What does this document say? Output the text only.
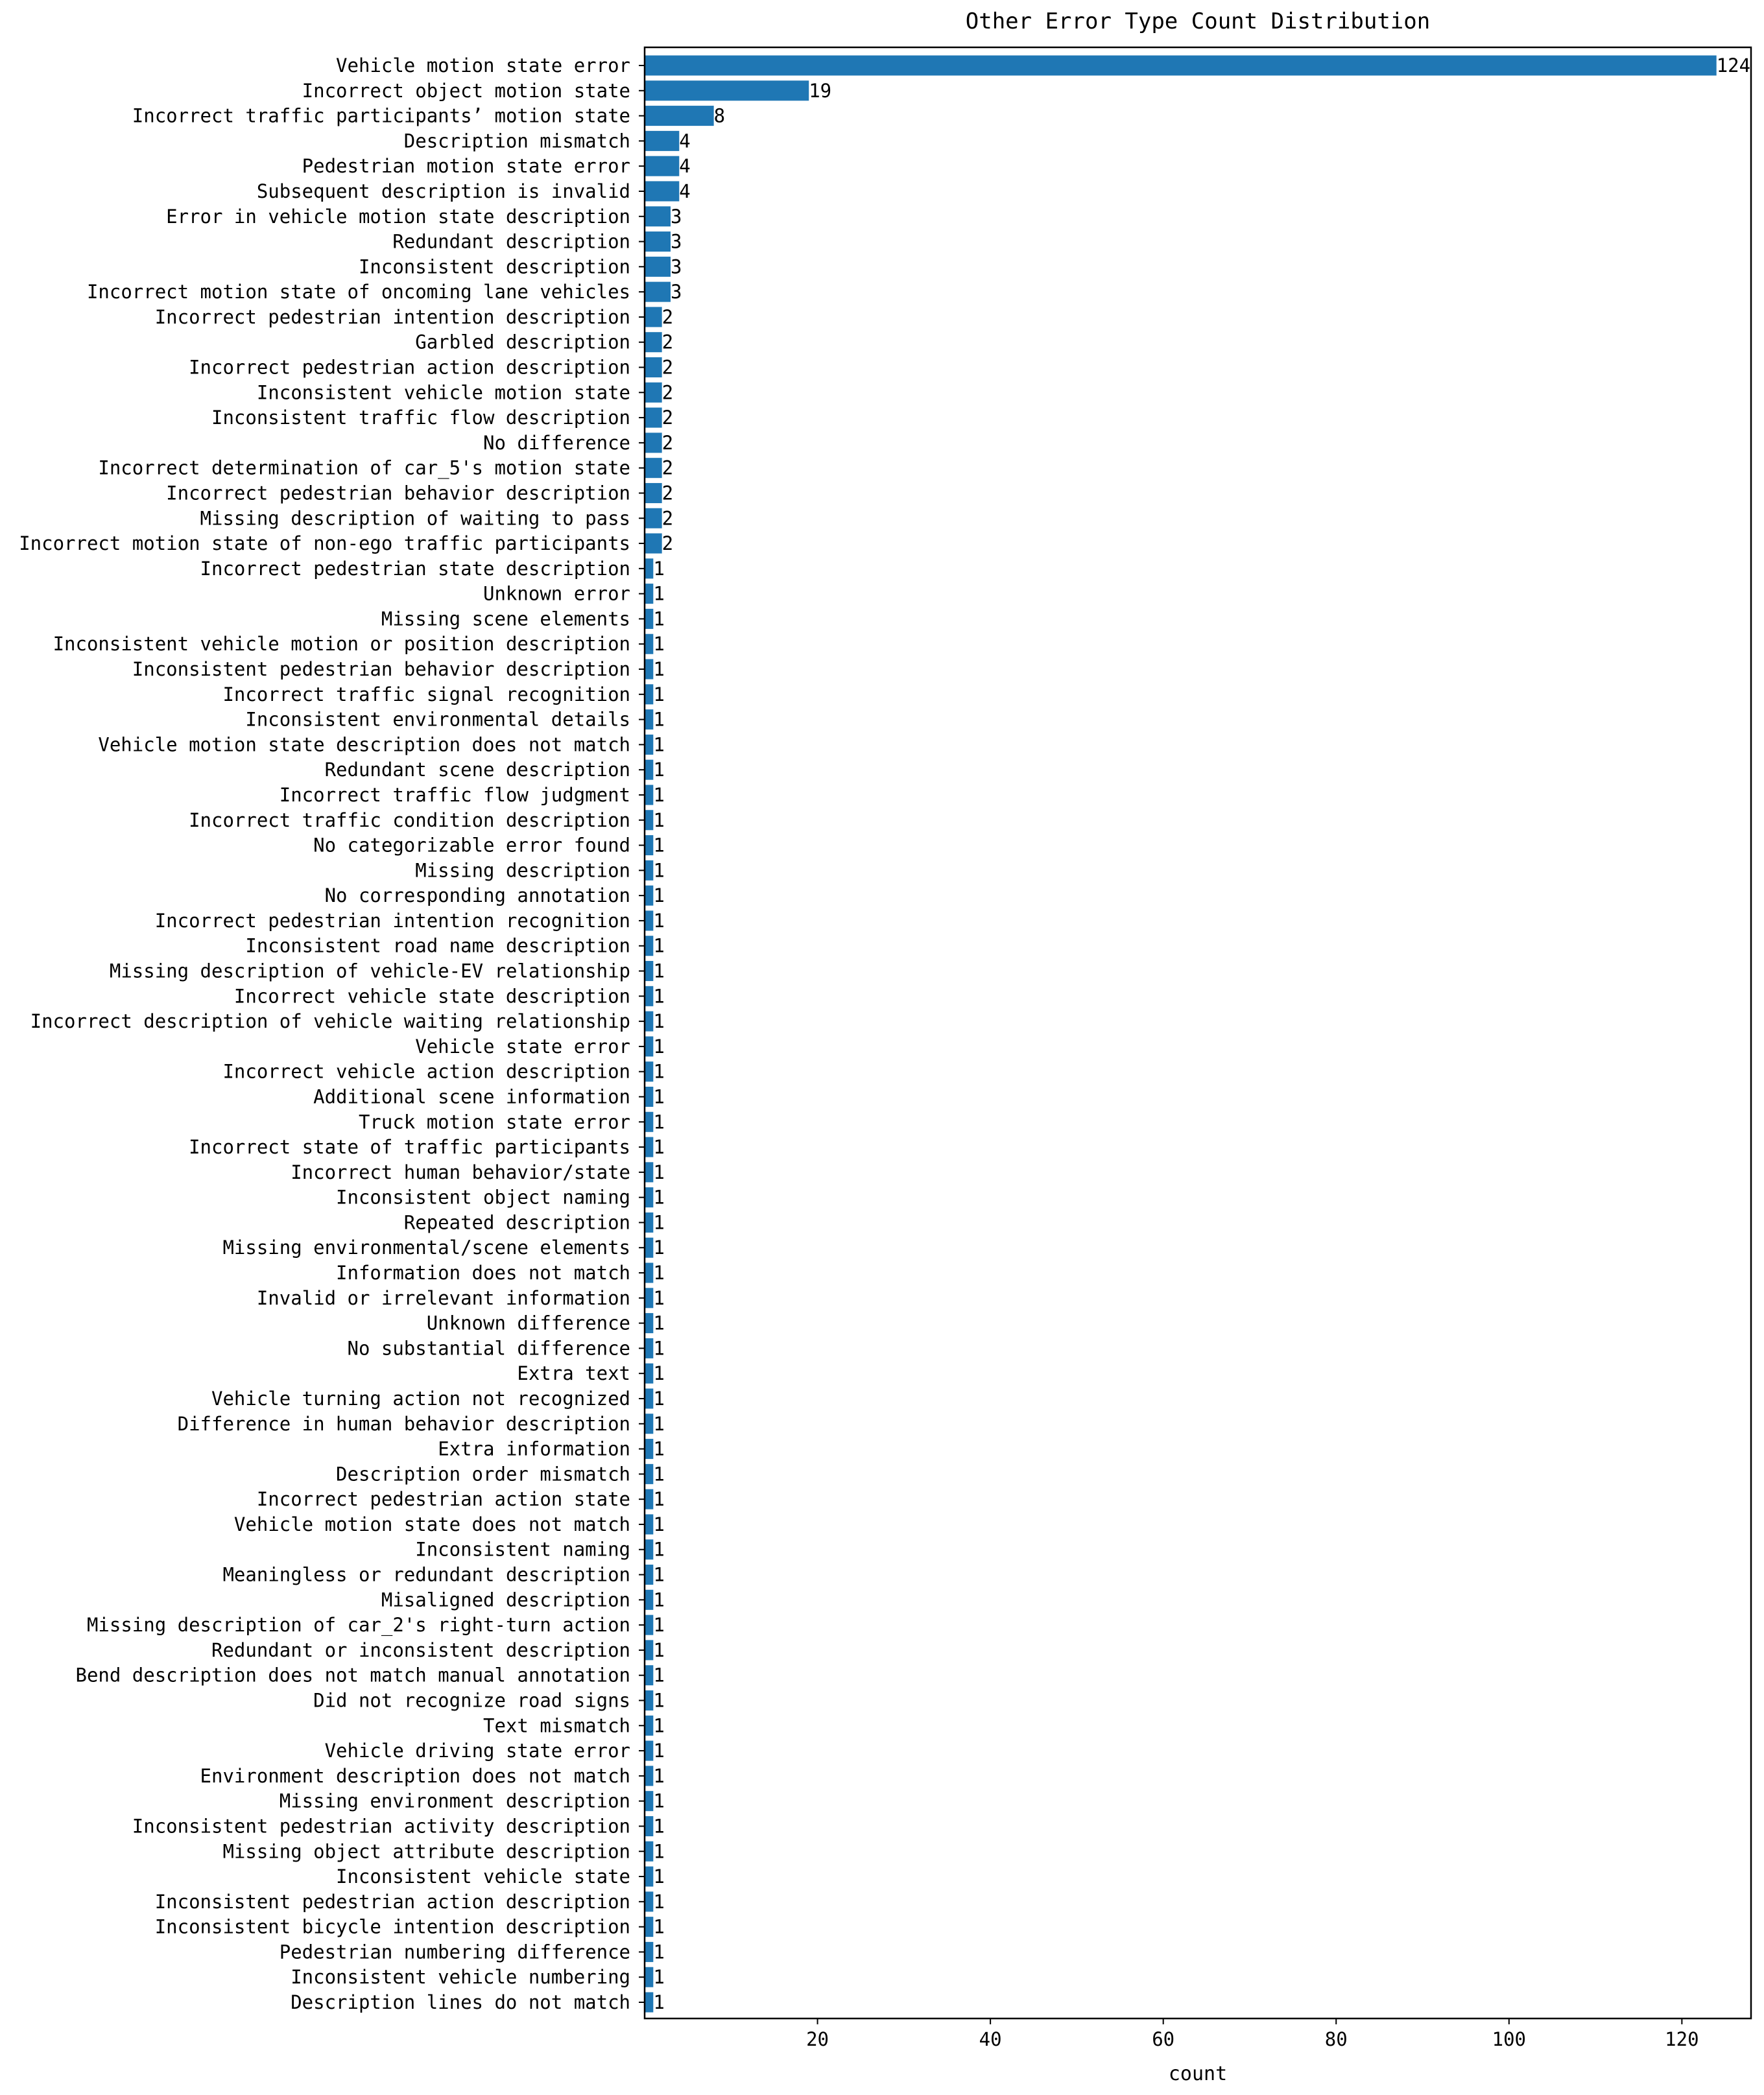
Other Error Type Count Distribution
count
124
19
8
4
4
4
3
3
3
3
2
2
2
2
2
2
2
2
2
2
1
1
1
1
1
1
1
1
1
1
1
1
1
1
1
1
1
1
1
1
1
1
1
1
1
1
1
1
1
1
1
1
1
1
1
1
1
1
1
1
1
1
1
1
1
1
1
1
1
1
1
1
1
1
1
1
1
1
Vehicle motion state error
Incorrect object motion state
Incorrect traffic participants’ motion state
Description mismatch
Pedestrian motion state error
Subsequent description is invalid
Error in vehicle motion state description
Redundant description
Inconsistent description
Incorrect motion state of oncoming lane vehicles
Incorrect pedestrian intention description
Garbled description
Incorrect pedestrian action description
Inconsistent vehicle motion state
Inconsistent traffic flow description
No difference
Incorrect determination of car_5's motion state
Incorrect pedestrian behavior description
Missing description of waiting to pass
Incorrect motion state of non-ego traffic participants
Incorrect pedestrian state description
Unknown error
Missing scene elements
Inconsistent vehicle motion or position description
Inconsistent pedestrian behavior description
Incorrect traffic signal recognition
Inconsistent environmental details
Vehicle motion state description does not match
Redundant scene description
Incorrect traffic flow judgment
Incorrect traffic condition description
No categorizable error found
Missing description
No corresponding annotation
Incorrect pedestrian intention recognition
Inconsistent road name description
Missing description of vehicle-EV relationship
Incorrect vehicle state description
Incorrect description of vehicle waiting relationship
Vehicle state error
Incorrect vehicle action description
Additional scene information
Truck motion state error
Incorrect state of traffic participants
Incorrect human behavior/state
Inconsistent object naming
Repeated description
Missing environmental/scene elements
Information does not match
Invalid or irrelevant information
Unknown difference
No substantial difference
Extra text
Vehicle turning action not recognized
Difference in human behavior description
Extra information
Description order mismatch
Incorrect pedestrian action state
Vehicle motion state does not match
Inconsistent naming
Meaningless or redundant description
Misaligned description
Missing description of car_2's right-turn action
Redundant or inconsistent description
Bend description does not match manual annotation
Did not recognize road signs
Text mismatch
Vehicle driving state error
Environment description does not match
Missing environment description
Inconsistent pedestrian activity description
Missing object attribute description
Inconsistent vehicle state
Inconsistent pedestrian action description
Inconsistent bicycle intention description
Pedestrian numbering difference
Inconsistent vehicle numbering
Description lines do not match
20	40	60	80	100	120
